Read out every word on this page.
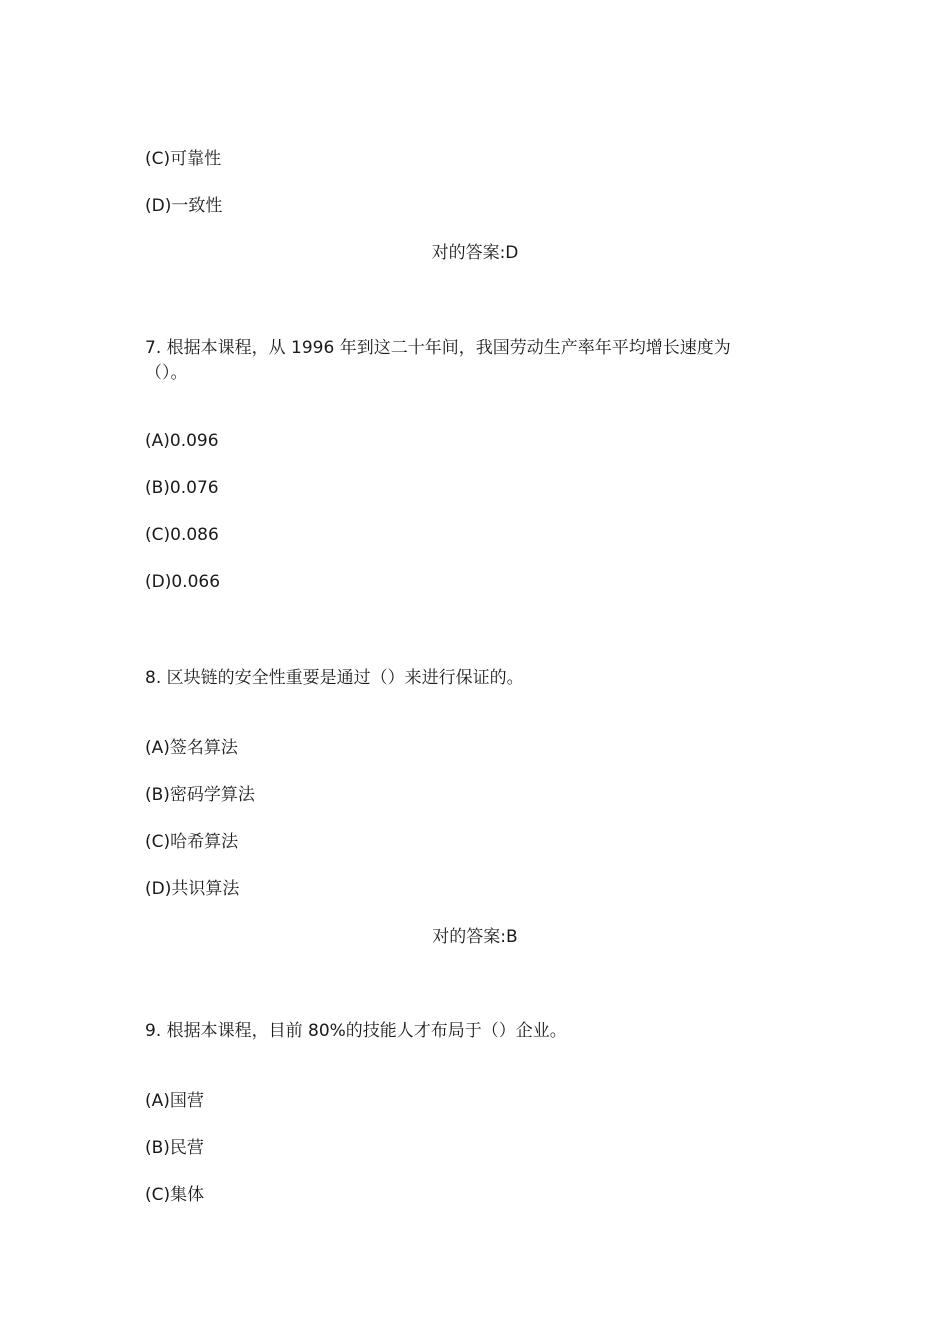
(C)可靠性
(D)一致性
对的答案:D
7. 根据本课程，从 1996 年到这二十年间，我国劳动生产率年平均增长速度为
（）。
(A)0.096
(B)0.076
(C)0.086
(D)0.066
8. 区块链的安全性重要是通过（）来进行保证的。
(A)签名算法
(B)密码学算法
(C)哈希算法
(D)共识算法
对的答案:B
9. 根据本课程，目前 80%的技能人才布局于（）企业。
(A)国营
(B)民营
(C)集体
